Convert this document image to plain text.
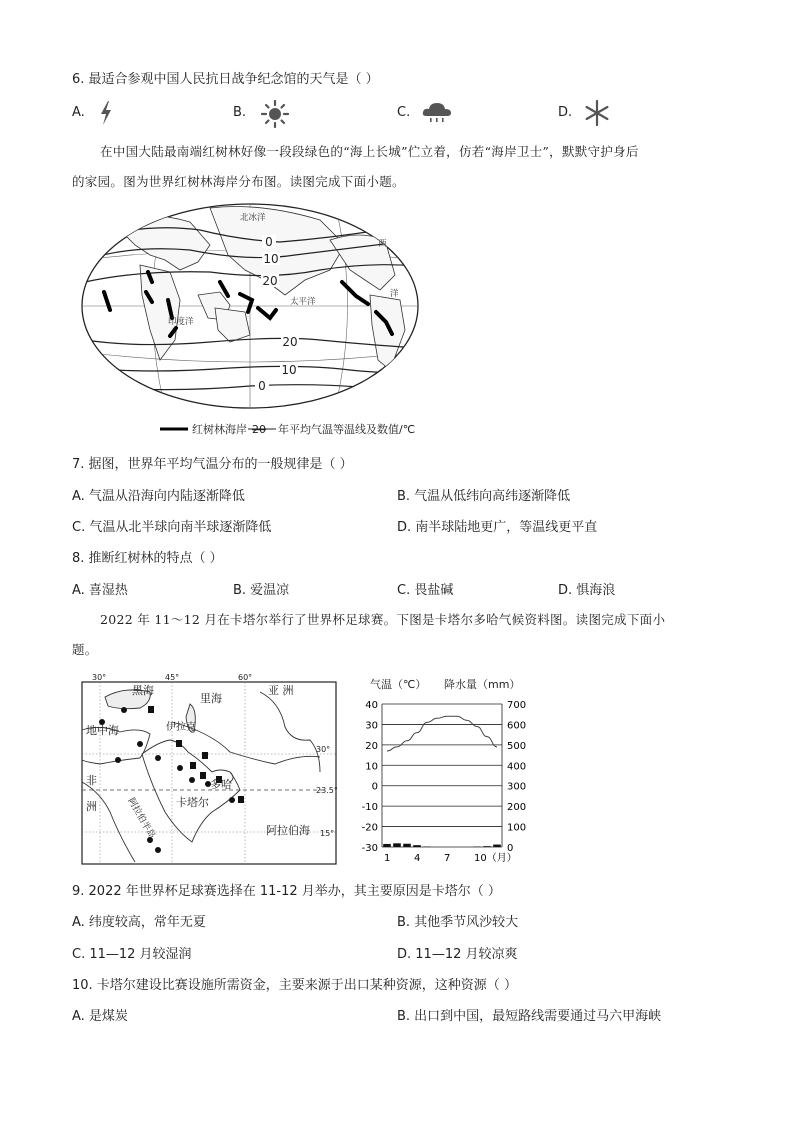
6. 最适合参观中国人民抗日战争纪念馆的天气是（ ）
A.	B.	C.	D.
在中国大陆最南端红树林好像一段段绿色的“海上长城”伫立着，仿若“海岸卫士”，默默守护身后
的家园。图为世界红树林海岸分布图。读图完成下面小题。
0
10
20
20
10
0
北冰洋
西
洋
太平洋
印度洋
红树林海岸 20 年平均气温等温线及数值/℃
7. 据图，世界年平均气温分布的一般规律是（ ）
A. 气温从沿海向内陆逐渐降低	B. 气温从低纬向高纬逐渐降低
C. 气温从北半球向南半球逐渐降低	D. 南半球陆地更广，等温线更平直
8. 推断红树林的特点（ ）
A. 喜湿热	B. 爱温凉	C. 畏盐碱	D. 惧海浪
2022 年 11～12 月在卡塔尔举行了世界杯足球赛。下图是卡塔尔多哈气候资料图。读图完成下面小
题。
30°	45°	60°
30°
23.5°
15°
黑海
里海
亚 洲
地中海	伊拉克
非
洲	阿拉伯半岛 卡塔尔
多哈
阿拉伯海
气温（℃） 降水量（mm）
40
30
20
10
0
-10
-20
-30
700
600
500
400
300
200
100
0
1 4 7 10（月）
9. 2022 年世界杯足球赛选择在 11-12 月举办，其主要原因是卡塔尔（ ）
A. 纬度较高，常年无夏	B. 其他季节风沙较大
C. 11—12 月较湿润	D. 11—12 月较凉爽
10. 卡塔尔建设比赛设施所需资金，主要来源于出口某种资源，这种资源（ ）
A. 是煤炭	B. 出口到中国，最短路线需要通过马六甲海峡
